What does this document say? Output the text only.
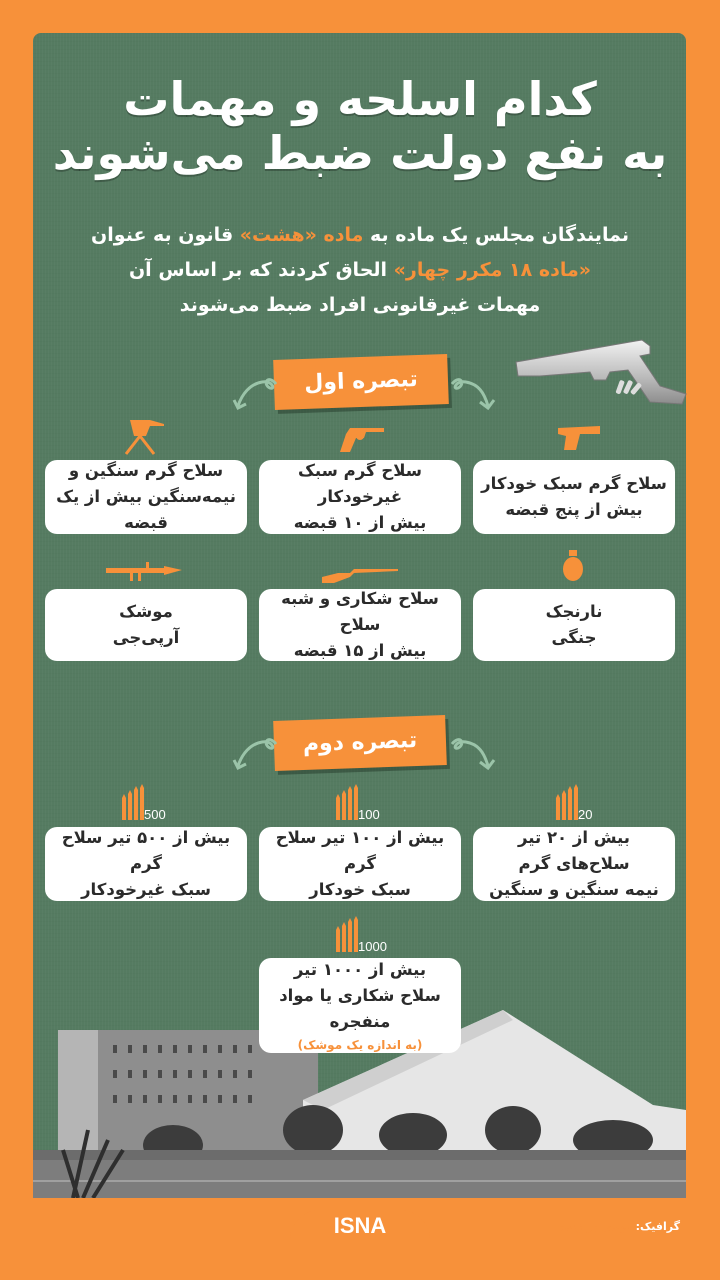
کدام اسلحه و مهمات
به نفع دولت ضبط می‌شوند
نمایندگان مجلس یک ماده به ماده «هشت» قانون به عنوان
«ماده ۱۸ مکرر چهار» الحاق کردند که بر اساس آن
مهمات غیرقانونی افراد ضبط می‌شوند
تبصره اول
سلاح گرم سبک خودکار
بیش از پنج قبضه
سلاح گرم سبک غیرخودکار
بیش از ۱۰ قبضه
سلاح گرم سنگین و
نیمه‌سنگین بیش از یک قبضه
نارنجک
جنگی
سلاح شکاری و شبه سلاح
بیش از ۱۵ قبضه
موشک
آرپی‌جی
تبصره دوم
20
100
500
بیش از ۲۰ تیر سلاح‌های گرم
نیمه سنگین و سنگین
بیش از ۱۰۰ تیر سلاح گرم
سبک خودکار
بیش از ۵۰۰ تیر سلاح گرم
سبک غیرخودکار
1000
بیش از ۱۰۰۰ تیر
سلاح شکاری یا مواد منفجره
(به اندازه یک موشک)
ISNA	گرافیک: مهدی برازنده
